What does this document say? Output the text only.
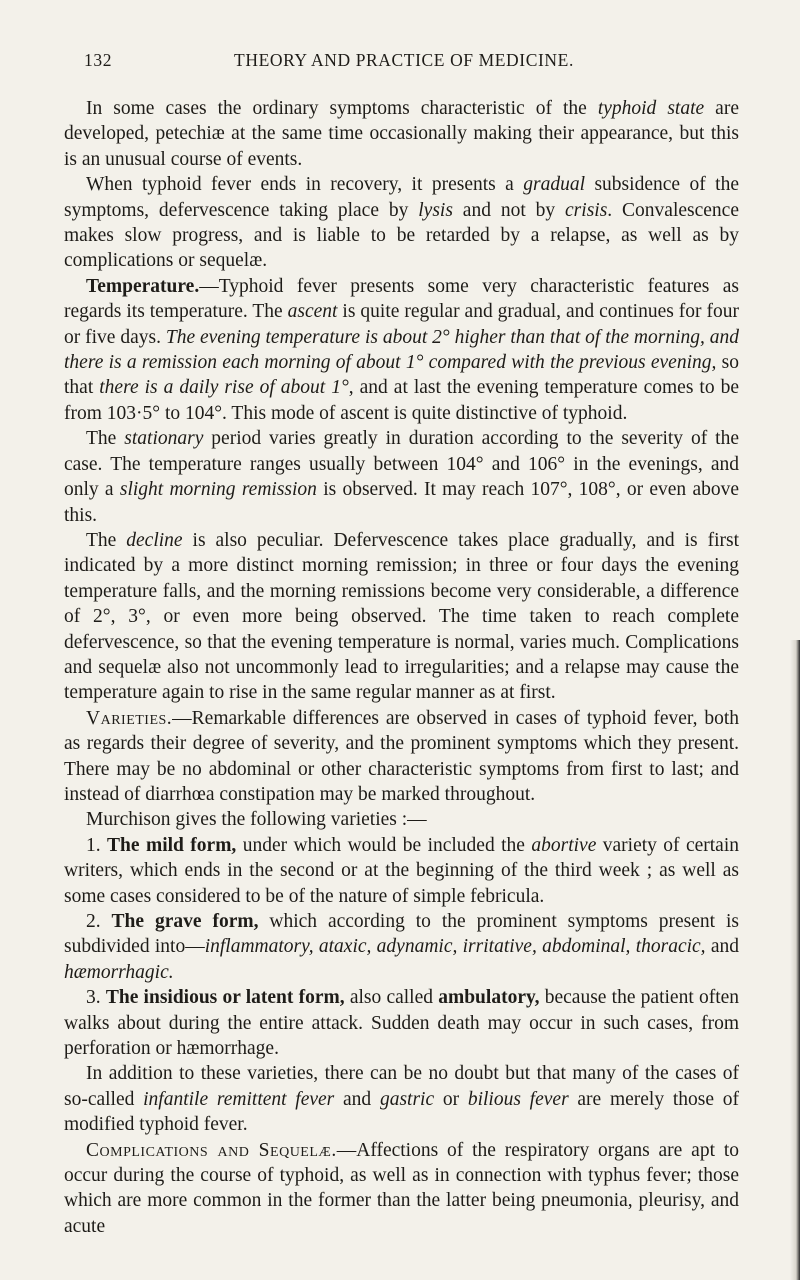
132	THEORY AND PRACTICE OF MEDICINE.

In some cases the ordinary symptoms characteristic of the typhoid state are developed, petechiæ at the same time occasionally making their appearance, but this is an unusual course of events.

When typhoid fever ends in recovery, it presents a gradual subsidence of the symptoms, defervescence taking place by lysis and not by crisis. Convalescence makes slow progress, and is liable to be retarded by a relapse, as well as by complications or sequelæ.

Temperature.—Typhoid fever presents some very characteristic features as regards its temperature. The ascent is quite regular and gradual, and continues for four or five days. The evening temperature is about 2° higher than that of the morning, and there is a remission each morning of about 1° compared with the previous evening, so that there is a daily rise of about 1°, and at last the evening temperature comes to be from 103·5° to 104°. This mode of ascent is quite distinctive of typhoid.

The stationary period varies greatly in duration according to the severity of the case. The temperature ranges usually between 104° and 106° in the evenings, and only a slight morning remission is observed. It may reach 107°, 108°, or even above this.

The decline is also peculiar. Defervescence takes place gradually, and is first indicated by a more distinct morning remission; in three or four days the evening temperature falls, and the morning remissions become very considerable, a difference of 2°, 3°, or even more being observed. The time taken to reach complete defervescence, so that the evening temperature is normal, varies much. Complications and sequelæ also not uncommonly lead to irregularities; and a relapse may cause the temperature again to rise in the same regular manner as at first.

Varieties.—Remarkable differences are observed in cases of typhoid fever, both as regards their degree of severity, and the prominent symptoms which they present. There may be no abdominal or other characteristic symptoms from first to last; and instead of diarrhœa constipation may be marked throughout.

Murchison gives the following varieties :—

1. The mild form, under which would be included the abortive variety of certain writers, which ends in the second or at the beginning of the third week ; as well as some cases considered to be of the nature of simple febricula.

2. The grave form, which according to the prominent symptoms present is subdivided into—inflammatory, ataxic, adynamic, irritative, abdominal, thoracic, and hæmorrhagic.

3. The insidious or latent form, also called ambulatory, because the patient often walks about during the entire attack. Sudden death may occur in such cases, from perforation or hæmorrhage.

In addition to these varieties, there can be no doubt but that many of the cases of so-called infantile remittent fever and gastric or bilious fever are merely those of modified typhoid fever.

Complications and Sequelæ.—Affections of the respiratory organs are apt to occur during the course of typhoid, as well as in connection with typhus fever; those which are more common in the former than the latter being pneumonia, pleurisy, and acute
